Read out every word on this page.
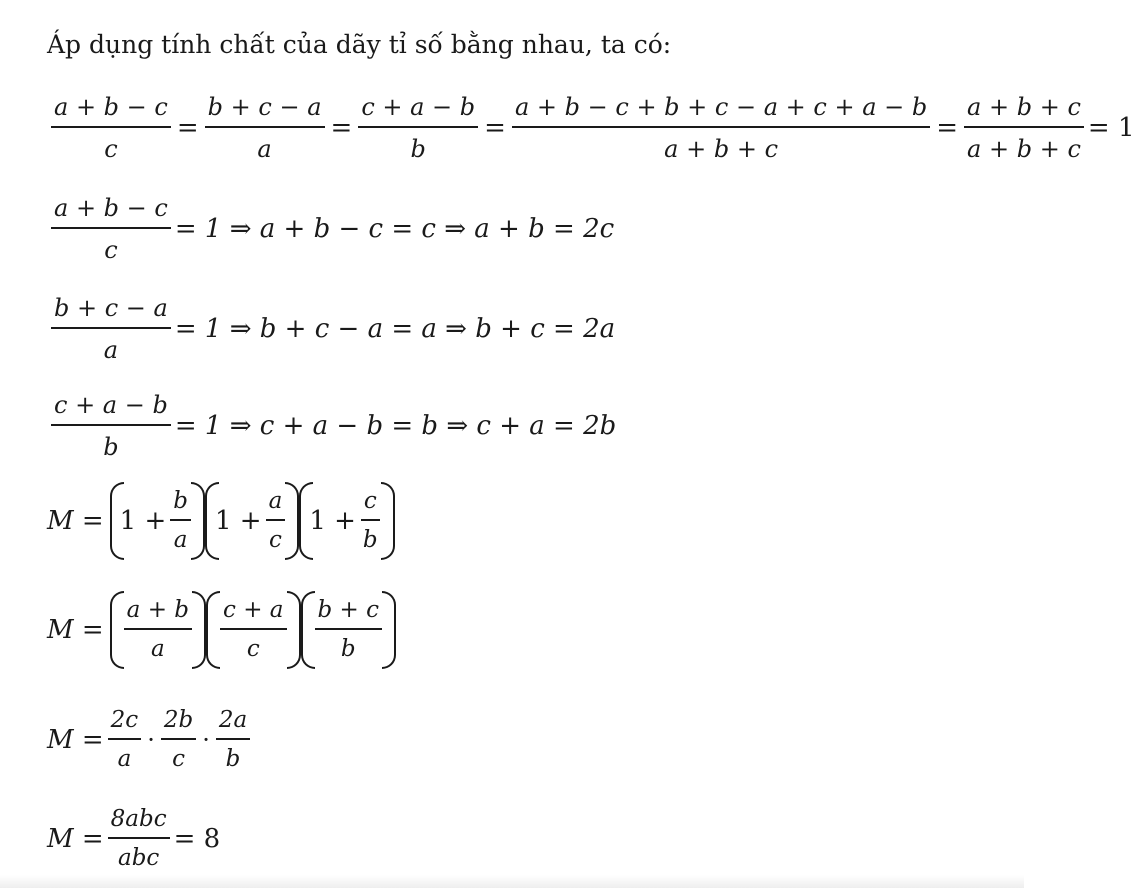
Áp dụng tính chất của dãy tỉ số bằng nhau, ta có:
$\frac{a + b - c}{c} = \frac{b + c - a}{a} = \frac{c + a - b}{b} = \frac{a + b - c + b + c - a + c + a - b}{a + b + c} = \frac{a + b + c}{a + b + c} = 1$
$\frac{a + b - c}{c} = 1$ ⇒ a + b − c = c ⇒ a + b = 2c
$\frac{b + c - a}{a} = 1$ ⇒ b + c − a = a ⇒ b + c = 2a
$\frac{c + a - b}{b} = 1$ ⇒ c + a − b = b ⇒ c + a = 2b
$M = 1 + \frac{b}{a} 1 + \frac{a}{c} 1 + \frac{c}{b}$
$M = \frac{a + b}{a} \frac{c + a}{c} \frac{b + c}{b}$
$M = \frac{2c}{a} \cdot \frac{2b}{c} \cdot \frac{2a}{b}$
$M = \frac{\text{8abc}}{\text{abc}} = 8$
